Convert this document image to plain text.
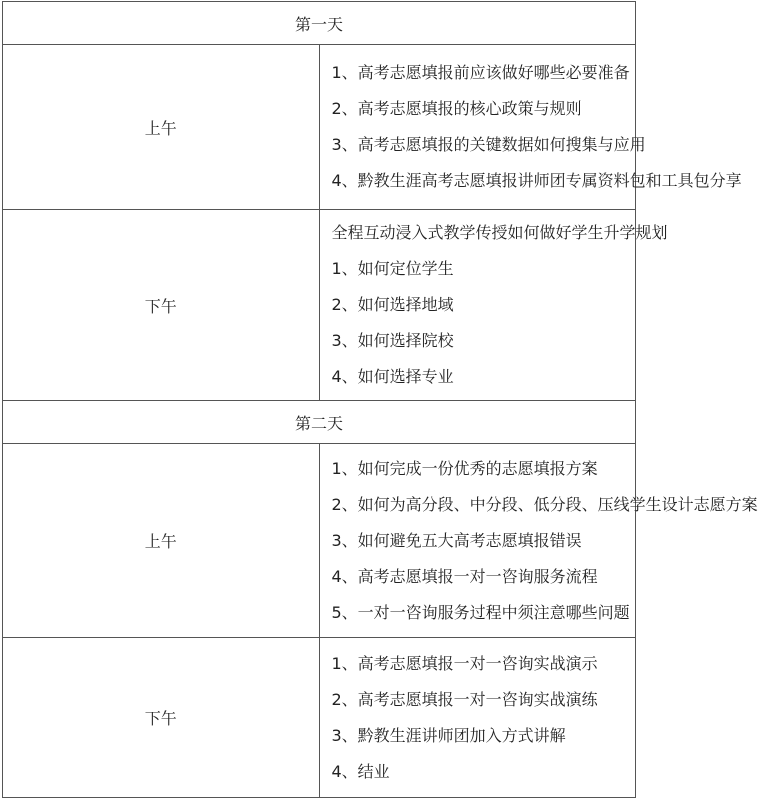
第一天	
上午	1、高考志愿填报前应该做好哪些必要准备
2、高考志愿填报的核心政策与规则
3、高考志愿填报的关键数据如何搜集与应用
4、黔教生涯高考志愿填报讲师团专属资料包和工具包分享

下午	全程互动浸入式教学传授如何做好学生升学规划
1、如何定位学生
2、如何选择地域
3、如何选择院校
4、如何选择专业

第二天	
上午	1、如何完成一份优秀的志愿填报方案
2、如何为高分段、中分段、低分段、压线学生设计志愿方案
3、如何避免五大高考志愿填报错误
4、高考志愿填报一对一咨询服务流程
5、一对一咨询服务过程中须注意哪些问题

下午	1、高考志愿填报一对一咨询实战演示
2、高考志愿填报一对一咨询实战演练
3、黔教生涯讲师团加入方式讲解
4、结业
